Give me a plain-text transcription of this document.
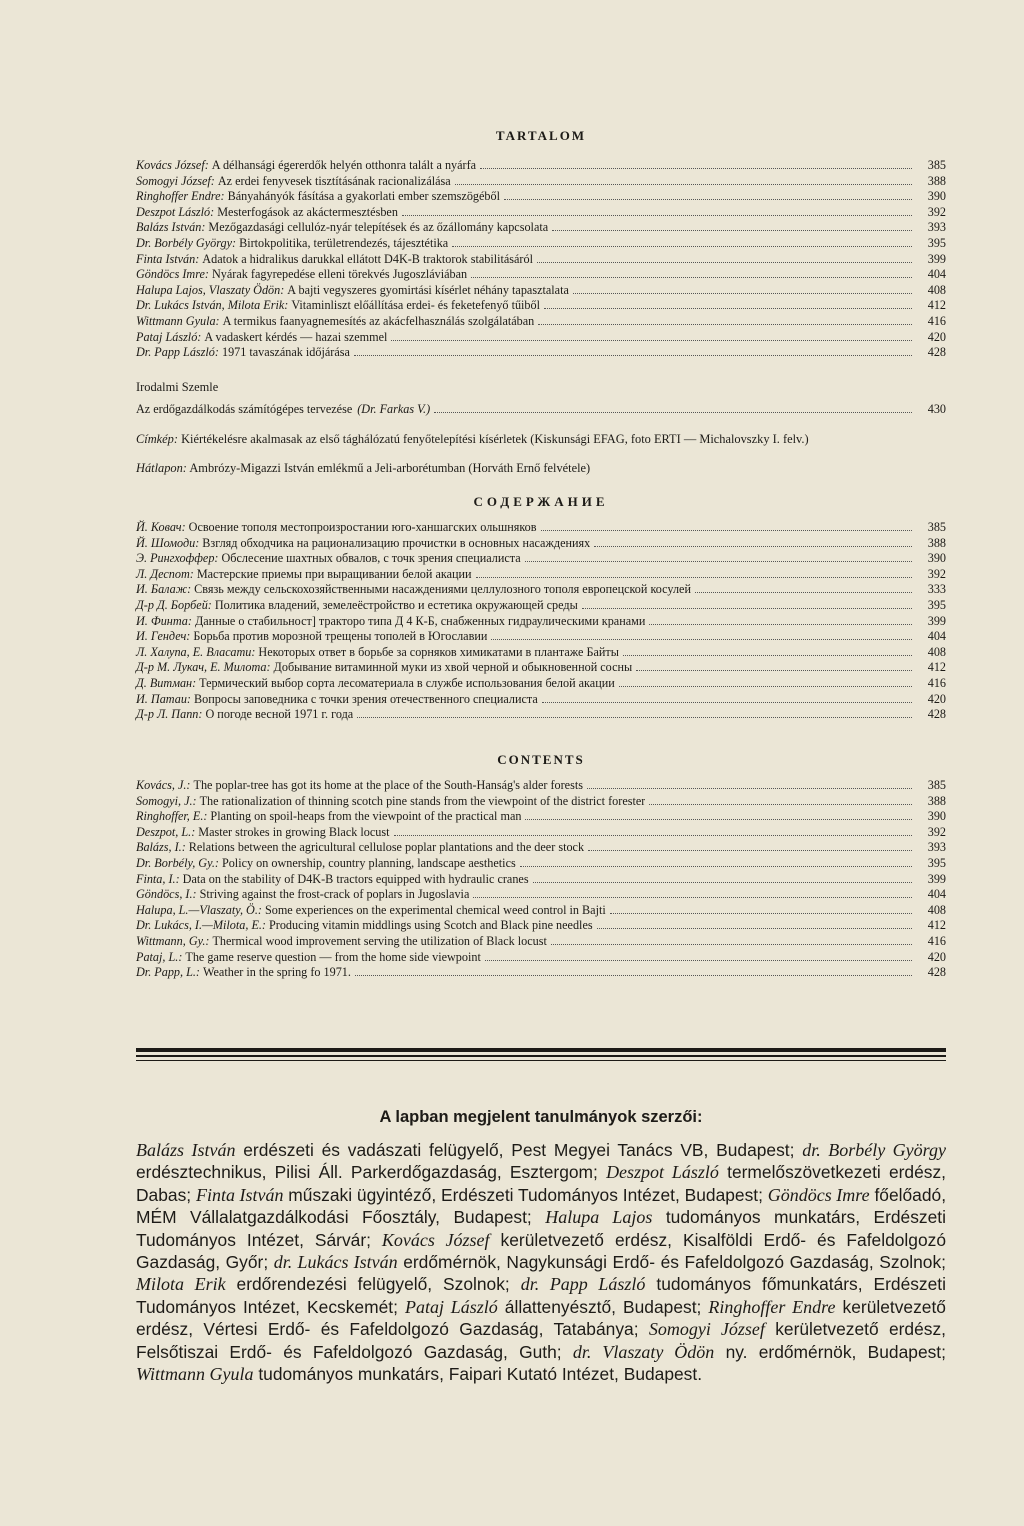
TARTALOM
Kovács József: A délhansági égererdők helyén otthonra talált a nyárfa	385
Somogyi József: Az erdei fenyvesek tisztításának racionalizálása	388
Ringhoffer Endre: Bányahányók fásítása a gyakorlati ember szemszögéből	390
Deszpot László: Mesterfogások az akáctermesztésben	392
Balázs István: Mezőgazdasági cellulóz-nyár telepítések és az őzállomány kapcsolata	393
Dr. Borbély György: Birtokpolitika, területrendezés, tájesztétika	395
Finta István: Adatok a hidralikus darukkal ellátott D4K-B traktorok stabilitásáról	399
Göndöcs Imre: Nyárak fagyrepedése elleni törekvés Jugoszláviában	404
Halupa Lajos, Vlaszaty Ödön: A bajti vegyszeres gyomirtási kísérlet néhány tapasztalata	408
Dr. Lukács István, Milota Erik: Vitaminliszt előállítása erdei- és feketefenyő tűiből	412
Wittmann Gyula: A termikus faanyagnemesítés az akácfelhasználás szolgálatában	416
Pataj László: A vadaskert kérdés — hazai szemmel	420
Dr. Papp László: 1971 tavaszának időjárása	428

Irodalmi Szemle

Az erdőgazdálkodás számítógépes tervezése (Dr. Farkas V.)	430

Címkép: Kiértékelésre akalmasak az első tághálózatú fenyőtelepítési kísérletek (Kiskunsági EFAG, foto ERTI — Michalovszky I. felv.)

Hátlapon: Ambrózy-Migazzi István emlékmű a Jeli-arborétumban (Horváth Ernő felvétele)

СОДЕРЖАНИЕ
Й. Ковач: Освоение тополя местопроизростании юго-ханшагских ольшняков	385
Й. Шомоди: Взгляд обходчика на рационализацию прочистки в основных насаждениях	388
Э. Рингхоффер: Обслесение шахтных обвалов, с точк зрения специалиста	390
Л. Деспот: Мастерские приемы при выращивании белой акации	392
И. Балаж: Связь между сельскохозяйственными насаждениями целлулозного тополя европецской косулей	333
Д-р Д. Борбей: Политика владений, земелеёстройство и естетика окружающей среды	395
И. Финта: Данные о стабильност] тракторо типа Д 4 К-Б, снабженных гидраулическими кранами	399
И. Гендеч: Борьба против морозной трещены тополей в Югославии	404
Л. Халупа, Е. Власати: Некоторых ответ в борьбе за сорняков химикатами в плантаже Байты	408
Д-р М. Лукач, Е. Милота: Добывание витаминной муки из хвой черной и обыкновенной сосны	412
Д. Витман: Термический выбор сорта лесоматериала в службе использования белой акации	416
И. Патаи: Вопросы заповедника с точки зрения отечественного специалиста	420
Д-р Л. Папп: О погоде весной 1971 г. года	428
CONTENTS
Kovács, J.: The poplar-tree has got its home at the place of the South-Hanság's alder forests	385
Somogyi, J.: The rationalization of thinning scotch pine stands from the viewpoint of the district forester	388
Ringhoffer, E.: Planting on spoil-heaps from the viewpoint of the practical man	390
Deszpot, L.: Master strokes in growing Black locust	392
Balázs, I.: Relations between the agricultural cellulose poplar plantations and the deer stock	393
Dr. Borbély, Gy.: Policy on ownership, country planning, landscape aesthetics	395
Finta, I.: Data on the stability of D4K-B tractors equipped with hydraulic cranes	399
Göndöcs, I.: Striving against the frost-crack of poplars in Jugoslavia	404
Halupa, L.—Vlaszaty, Ö.: Some experiences on the experimental chemical weed control in Bajti	408
Dr. Lukács, I.—Milota, E.: Producing vitamin middlings using Scotch and Black pine needles	412
Wittmann, Gy.: Thermical wood improvement serving the utilization of Black locust	416
Pataj, L.: The game reserve question — from the home side viewpoint	420
Dr. Papp, L.: Weather in the spring fo 1971.	428
A lapban megjelent tanulmányok szerzői:

Balázs István erdészeti és vadászati felügyelő, Pest Megyei Tanács VB, Budapest; dr. Borbély György erdésztechnikus, Pilisi Áll. Parkerdőgazdaság, Esztergom; Deszpot László termelőszövetkezeti erdész, Dabas; Finta István műszaki ügyintéző, Erdészeti Tudományos Intézet, Budapest; Göndöcs Imre főelőadó, MÉM Vállalatgazdálkodási Főosztály, Budapest; Halupa Lajos tudományos munkatárs, Erdészeti Tudományos Intézet, Sárvár; Kovács József kerületvezető erdész, Kisalföldi Erdő- és Fafeldolgozó Gazdaság, Győr; dr. Lukács István erdőmérnök, Nagykunsági Erdő- és Fafeldolgozó Gazdaság, Szolnok; Milota Erik erdőrendezési felügyelő, Szolnok; dr. Papp László tudományos főmunkatárs, Erdészeti Tudományos Intézet, Kecskemét; Pataj László állattenyésztő, Budapest; Ringhoffer Endre kerületvezető erdész, Vértesi Erdő- és Fafeldolgozó Gazdaság, Tatabánya; Somogyi József kerületvezető erdész, Felsőtiszai Erdő- és Fafeldolgozó Gazdaság, Guth; dr. Vlaszaty Ödön ny. erdőmérnök, Budapest; Wittmann Gyula tudományos munkatárs, Faipari Kutató Intézet, Budapest.
